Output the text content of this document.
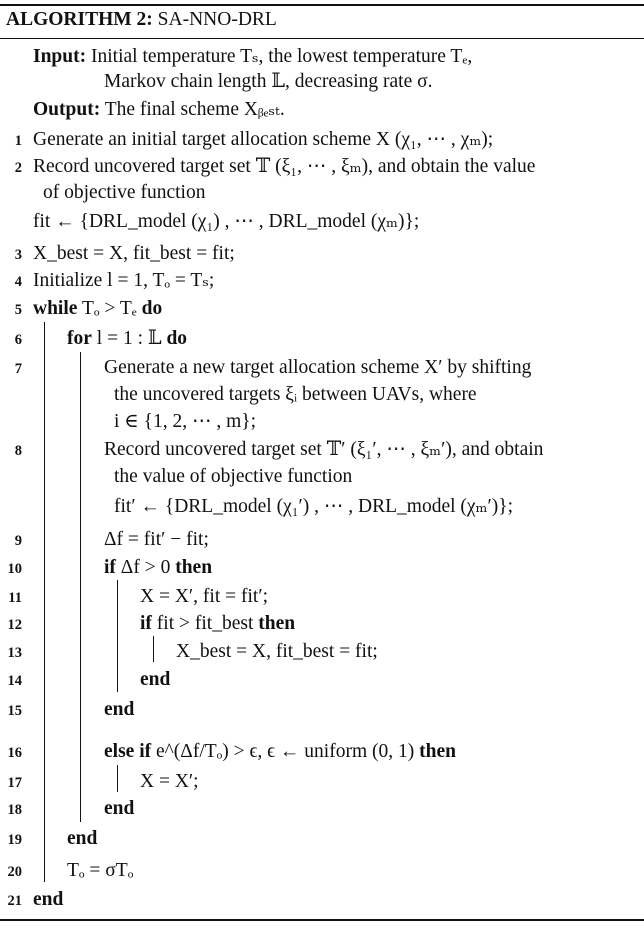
ALGORITHM 2: SA-NNO-DRL
Input: Initial temperature Tₛ, the lowest temperature Tₑ,
Markov chain length 𝕃, decreasing rate σ.
Output: The final scheme Xᵦₑₛₜ.
1 Generate an initial target allocation scheme X (χ₁, ⋯ , χₘ);
2 Record uncovered target set 𝕋 (ξ₁, ⋯ , ξₘ), and obtain the value
of objective function
fit ← {DRL_model (χ₁) , ⋯ , DRL_model (χₘ)};
3 X_best = X, fit_best = fit;
4 Initialize l = 1, Tₒ = Tₛ;
5 while Tₒ > Tₑ do
6 for l = 1 : 𝕃 do
7	Generate a new target allocation scheme X′ by shifting
the uncovered targets ξᵢ between UAVs, where
i ∈ {1, 2, ⋯ , m};
8	Record uncovered target set 𝕋′ (ξ₁′, ⋯ , ξₘ′), and obtain
the value of objective function
fit′ ← {DRL_model (χ₁′) , ⋯ , DRL_model (χₘ′)};
9	Δf = fit′ − fit;
10	if Δf > 0 then
11	X = X′, fit = fit′;
12	if fit > fit_best then
13	X_best = X, fit_best = fit;
14	end
15	end
16	else if e^(Δf/Tₒ) > ϵ, ϵ ← uniform (0, 1) then
17	X = X′;
18	end
19 end
20 Tₒ = σTₒ
21 end
